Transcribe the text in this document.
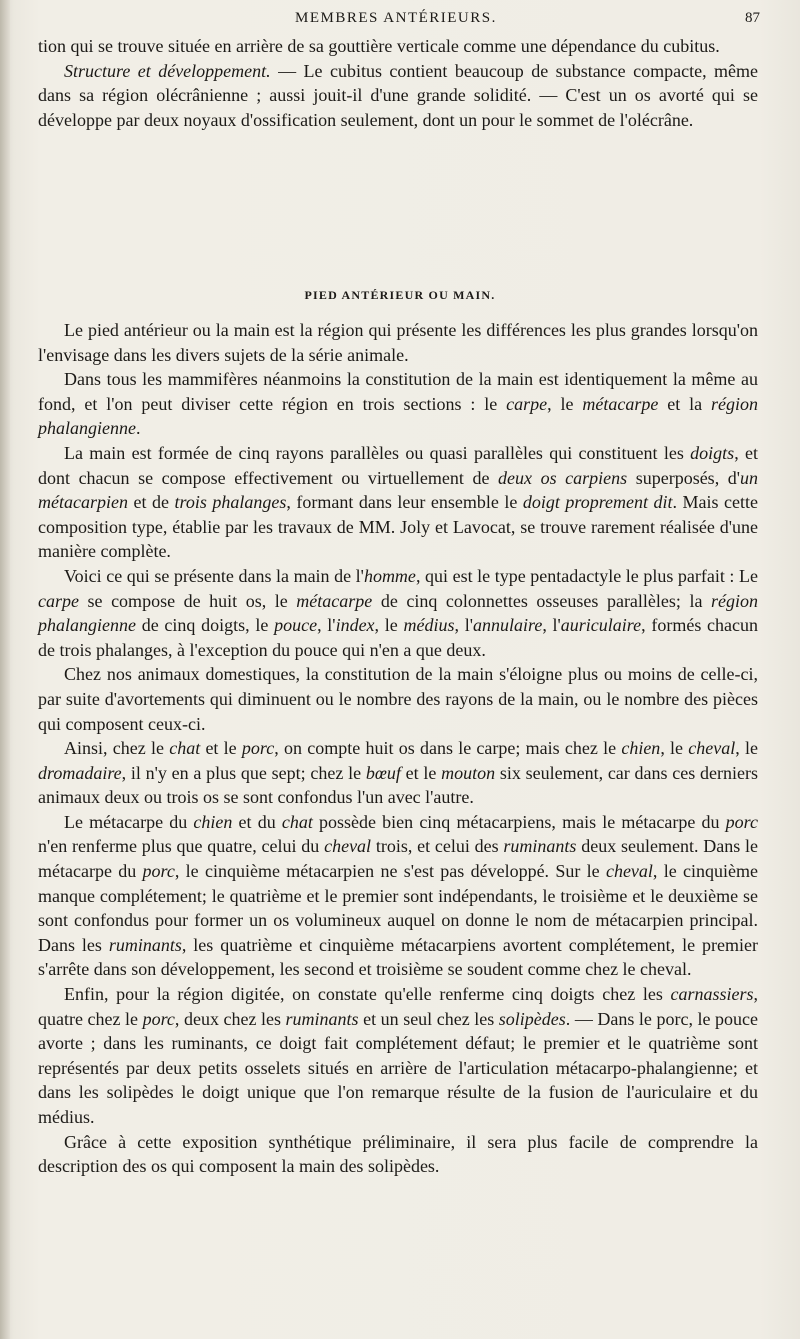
MEMBRES ANTÉRIEURS.	87

tion qui se trouve située en arrière de sa gouttière verticale comme une dépendance du cubitus.

Structure et développement. — Le cubitus contient beaucoup de substance compacte, même dans sa région olécrânienne ; aussi jouit-il d'une grande solidité. — C'est un os avorté qui se développe par deux noyaux d'ossification seulement, dont un pour le sommet de l'olécrâne.

PIED ANTÉRIEUR OU MAIN.

Le pied antérieur ou la main est la région qui présente les différences les plus grandes lorsqu'on l'envisage dans les divers sujets de la série animale.

Dans tous les mammifères néanmoins la constitution de la main est identiquement la même au fond, et l'on peut diviser cette région en trois sections : le carpe, le métacarpe et la région phalangienne.

La main est formée de cinq rayons parallèles ou quasi parallèles qui constituent les doigts, et dont chacun se compose effectivement ou virtuellement de deux os carpiens superposés, d'un métacarpien et de trois phalanges, formant dans leur ensemble le doigt proprement dit. Mais cette composition type, établie par les travaux de MM. Joly et Lavocat, se trouve rarement réalisée d'une manière complète.

Voici ce qui se présente dans la main de l'homme, qui est le type pentadactyle le plus parfait : Le carpe se compose de huit os, le métacarpe de cinq colonnettes osseuses parallèles; la région phalangienne de cinq doigts, le pouce, l'index, le médius, l'annulaire, l'auriculaire, formés chacun de trois phalanges, à l'exception du pouce qui n'en a que deux.

Chez nos animaux domestiques, la constitution de la main s'éloigne plus ou moins de celle-ci, par suite d'avortements qui diminuent ou le nombre des rayons de la main, ou le nombre des pièces qui composent ceux-ci.

Ainsi, chez le chat et le porc, on compte huit os dans le carpe; mais chez le chien, le cheval, le dromadaire, il n'y en a plus que sept; chez le bœuf et le mouton six seulement, car dans ces derniers animaux deux ou trois os se sont confondus l'un avec l'autre.

Le métacarpe du chien et du chat possède bien cinq métacarpiens, mais le métacarpe du porc n'en renferme plus que quatre, celui du cheval trois, et celui des ruminants deux seulement. Dans le métacarpe du porc, le cinquième métacarpien ne s'est pas développé. Sur le cheval, le cinquième manque complétement; le quatrième et le premier sont indépendants, le troisième et le deuxième se sont confondus pour former un os volumineux auquel on donne le nom de métacarpien principal. Dans les ruminants, les quatrième et cinquième métacarpiens avortent complétement, le premier s'arrête dans son développement, les second et troisième se soudent comme chez le cheval.

Enfin, pour la région digitée, on constate qu'elle renferme cinq doigts chez les carnassiers, quatre chez le porc, deux chez les ruminants et un seul chez les solipèdes. — Dans le porc, le pouce avorte ; dans les ruminants, ce doigt fait complétement défaut; le premier et le quatrième sont représentés par deux petits osselets situés en arrière de l'articulation métacarpo-phalangienne; et dans les solipèdes le doigt unique que l'on remarque résulte de la fusion de l'auriculaire et du médius.

Grâce à cette exposition synthétique préliminaire, il sera plus facile de comprendre la description des os qui composent la main des solipèdes.
